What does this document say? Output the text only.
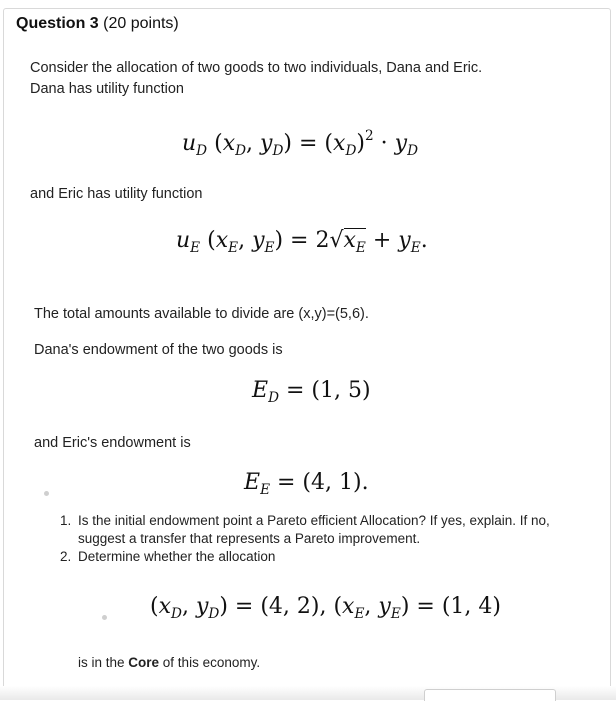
Question 3 (20 points)
Consider the allocation of two goods to two individuals, Dana and Eric.
Dana has utility function
$u_D$ ($x_D$, $y_D) = (x_D)^2 \cdot y_D$
and Eric has utility function
$u_E$ ($x_E$, $y_E) = 2√x_E + y_E$.
The total amounts available to divide are (x,y)=(5,6).
Dana's endowment of the two goods is
$E_D = (1$, 5)
and Eric's endowment is
$E_E = (4$, 1).
1. Is the initial endowment point a Pareto efficient Allocation? If yes, explain. If no, suggest a transfer that represents a Pareto improvement.
2. Determine whether the allocation
($x_D$, $y_D) = (4$, 2), ($x_E$, $y_E) = (1$, 4)
is in the Core of this economy.
